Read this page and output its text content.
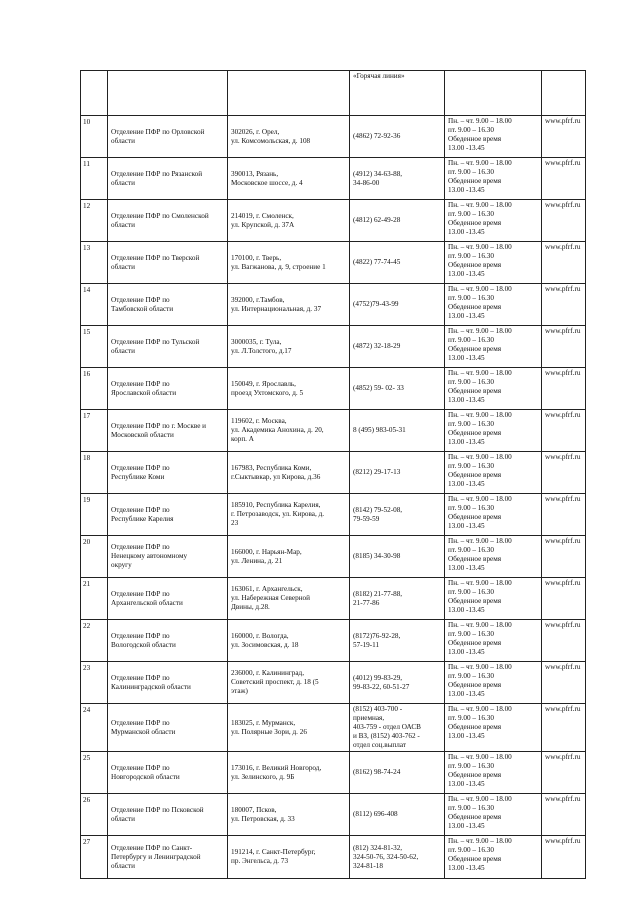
			«Горячая линия»		
10	Отделение ПФР по Орловской области	302026, г. Орел,
ул. Комсомольская, д. 108	(4862) 72-92-36	Пн. – чт. 9.00 – 18.00
пт. 9.00 – 16.30
Обеденное время
13.00 -13.45	www.pfrf.ru
11	Отделение ПФР по Рязанской области	390013, Рязань,
Московское шоссе, д. 4	(4912) 34-63-88,
34-86-00	Пн. – чт. 9.00 – 18.00
пт. 9.00 – 16.30
Обеденное время
13.00 -13.45	www.pfrf.ru
12	Отделение ПФР по Смоленской области	214019, г. Смоленск,
ул. Крупской, д. 37А	(4812) 62-49-28	Пн. – чт. 9.00 – 18.00
пт. 9.00 – 16.30
Обеденное время
13.00 -13.45	www.pfrf.ru
13	Отделение ПФР по Тверской области	170100, г. Тверь,
ул. Вагжанова, д. 9, строение 1	(4822) 77-74-45	Пн. – чт. 9.00 – 18.00
пт. 9.00 – 16.30
Обеденное время
13.00 -13.45	www.pfrf.ru
14	Отделение ПФР по
Тамбовской области	392000, г.Тамбов,
ул. Интернациональная, д. 37	(4752)79-43-99	Пн. – чт. 9.00 – 18.00
пт. 9.00 – 16.30
Обеденное время
13.00 -13.45	www.pfrf.ru
15	Отделение ПФР по Тульской области	3000035, г. Тула,
ул. Л.Толстого, д.17	(4872) 32-18-29	Пн. – чт. 9.00 – 18.00
пт. 9.00 – 16.30
Обеденное время
13.00 -13.45	www.pfrf.ru
16	Отделение ПФР по
Ярославской области	150049, г. Ярославль,
проезд Ухтомского, д. 5	(4852) 59- 02- 33	Пн. – чт. 9.00 – 18.00
пт. 9.00 – 16.30
Обеденное время
13.00 -13.45	www.pfrf.ru
17	Отделение ПФР по г. Москве и Московской области	119602, г. Москва,
ул. Академика Анохина, д. 20,
корп. А	8 (495) 983-05-31	Пн. – чт. 9.00 – 18.00
пт. 9.00 – 16.30
Обеденное время
13.00 -13.45	www.pfrf.ru
18	Отделение ПФР по
Республике Коми	167983, Республика Коми,
г.Сыктывкар, ул Кирова, д.36	(8212) 29-17-13	Пн. – чт. 9.00 – 18.00
пт. 9.00 – 16.30
Обеденное время
13.00 -13.45	www.pfrf.ru
19	Отделение ПФР по
Республике Карелия	185910, Республика Карелия,
г. Петрозаводск, ул. Кирова, д.
23	(8142) 79-52-08,
79-59-59	Пн. – чт. 9.00 – 18.00
пт. 9.00 – 16.30
Обеденное время
13.00 -13.45	www.pfrf.ru
20	Отделение ПФР по
Ненецкому автономному
округу	166000, г. Нарьян-Мар,
ул. Ленина, д. 21	(8185) 34-30-98	Пн. – чт. 9.00 – 18.00
пт. 9.00 – 16.30
Обеденное время
13.00 -13.45	www.pfrf.ru
21	Отделение ПФР по
Архангельской области	163061, г. Архангельск,
ул. Набережная Северной
Двины, д.28.	(8182) 21-77-88,
21-77-86	Пн. – чт. 9.00 – 18.00
пт. 9.00 – 16.30
Обеденное время
13.00 -13.45	www.pfrf.ru
22	Отделение ПФР по
Вологодской области	160000, г. Вологда,
ул. Зосимовская, д. 18	(8172)76-92-28,
57-19-11	Пн. – чт. 9.00 – 18.00
пт. 9.00 – 16.30
Обеденное время
13.00 -13.45	www.pfrf.ru
23	Отделение ПФР по
Калининградской области	236000, г. Калининград,
Советский проспект, д. 18 (5
этаж)	(4012) 99-83-29,
99-83-22, 60-51-27	Пн. – чт. 9.00 – 18.00
пт. 9.00 – 16.30
Обеденное время
13.00 -13.45	www.pfrf.ru
24	Отделение ПФР по
Мурманской области	183025, г. Мурманск,
ул. Полярные Зори, д. 26	(8152) 403-700 -
приемная,
403-759 - отдел ОАСВ
и ВЗ, (8152) 403-762 -
отдел соц.выплат	Пн. – чт. 9.00 – 18.00
пт. 9.00 – 16.30
Обеденное время
13.00 -13.45	www.pfrf.ru
25	Отделение ПФР по
Новгородской области	173016, г. Великий Новгород,
ул. Зелинского, д. 9Б	(8162) 98-74-24	Пн. – чт. 9.00 – 18.00
пт. 9.00 – 16.30
Обеденное время
13.00 -13.45	www.pfrf.ru
26	Отделение ПФР по Псковской
области	180007, Псков,
ул. Петровская, д. 33	(8112) 696-408	Пн. – чт. 9.00 – 18.00
пт. 9.00 – 16.30
Обеденное время
13.00 -13.45	www.pfrf.ru
27	Отделение ПФР по Санкт-
Петербургу и Ленинградской
области	191214, г. Санкт-Петербург,
пр. Энгельса, д. 73	(812) 324-81-32,
324-50-76, 324-50-62,
324-81-18	Пн. – чт. 9.00 – 18.00
пт. 9.00 – 16.30
Обеденное время
13.00 -13.45	www.pfrf.ru
